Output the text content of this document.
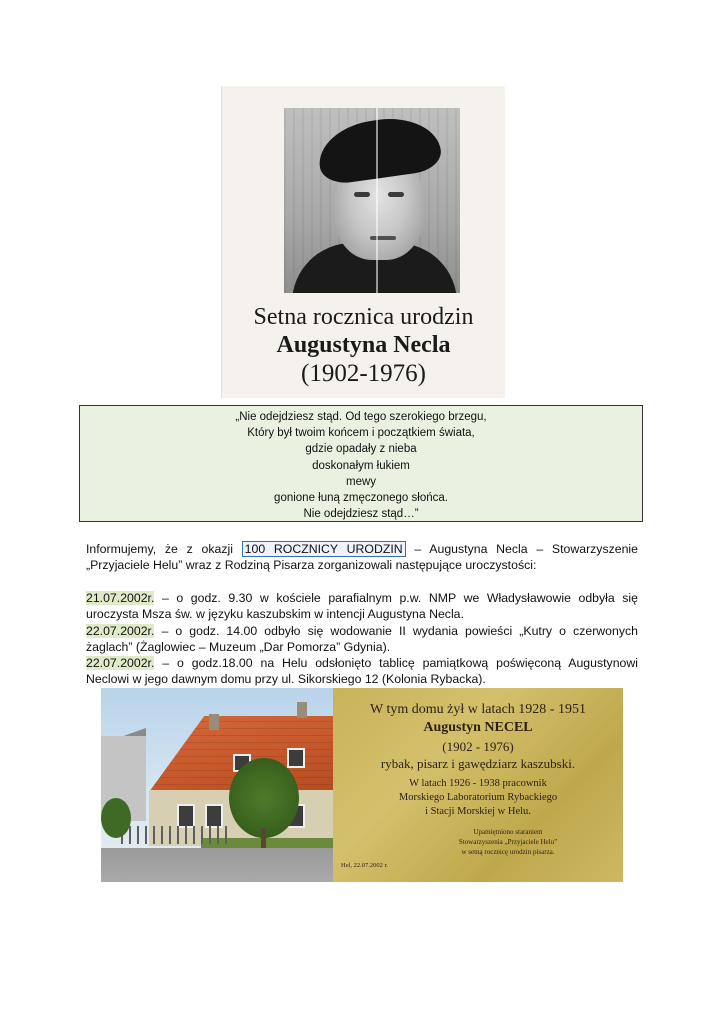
Setna rocznica urodzin
Augustyna Necla
(1902-1976)
„Nie odejdziesz stąd. Od tego szerokiego brzegu,
Który był twoim końcem i początkiem świata,
gdzie opadały z nieba
doskonałym łukiem
mewy
gonione łuną zmęczonego słońca.
Nie odejdziesz stąd…”
Informujemy, że z okazji 100 ROCZNICY URODZIN – Augustyna Necla – Stowarzyszenie „Przyjaciele Helu” wraz z Rodziną Pisarza zorganizowali następujące uroczystości:
21.07.2002r. – o godz. 9.30 w kościele parafialnym p.w. NMP we Władysławowie odbyła się uroczysta Msza św. w języku kaszubskim w intencji Augustyna Necla.
22.07.2002r. – o godz. 14.00 odbyło się wodowanie II wydania powieści „Kutry o czerwonych żaglach” (Żaglowiec – Muzeum „Dar Pomorza” Gdynia).
22.07.2002r. – o godz.18.00 na Helu odsłonięto tablicę pamiątkową poświęconą Augustynowi Neclowi w jego dawnym domu przy ul. Sikorskiego 12 (Kolonia Rybacka).
W tym domu żył w latach 1928 - 1951
Augustyn NECEL
(1902 - 1976)
rybak, pisarz i gawędziarz kaszubski.
W latach 1926 - 1938 pracownik
Morskiego Laboratorium Rybackiego
i Stacji Morskiej w Helu.
Upamiętniono staraniem
Stowarzyszenia „Przyjaciele Helu”
w setną rocznicę urodzin pisarza.
Hel, 22.07.2002 r.
